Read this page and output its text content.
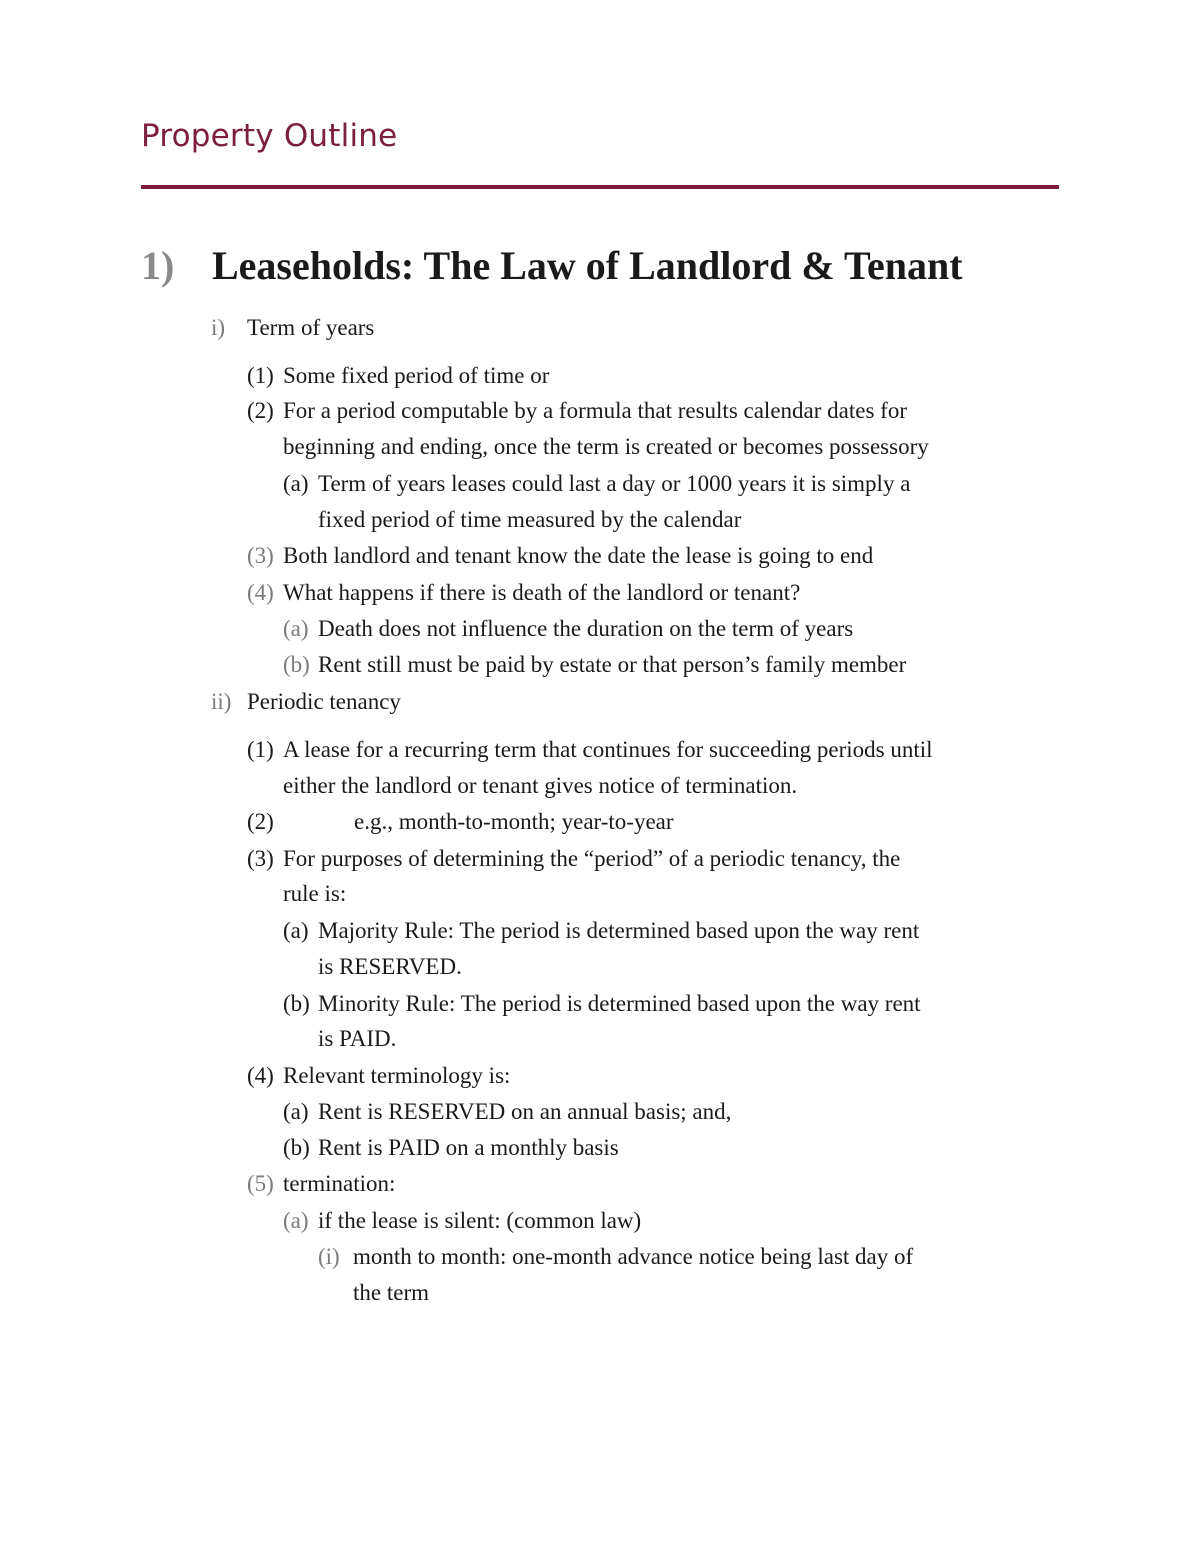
Property Outline
1) Leaseholds: The Law of Landlord & Tenant
i) Term of years
(1) Some fixed period of time or
(2) For a period computable by a formula that results calendar dates for
beginning and ending, once the term is created or becomes possessory
(a) Term of years leases could last a day or 1000 years it is simply a
fixed period of time measured by the calendar
(3) Both landlord and tenant know the date the lease is going to end
(4) What happens if there is death of the landlord or tenant?
(a) Death does not influence the duration on the term of years
(b) Rent still must be paid by estate or that person’s family member
ii) Periodic tenancy
(1) A lease for a recurring term that continues for succeeding periods until
either the landlord or tenant gives notice of termination.
(2)	e.g., month-to-month; year-to-year
(3) For purposes of determining the “period” of a periodic tenancy, the
rule is:
(a) Majority Rule: The period is determined based upon the way rent
is RESERVED.
(b) Minority Rule: The period is determined based upon the way rent
is PAID.
(4) Relevant terminology is:
(a) Rent is RESERVED on an annual basis; and,
(b) Rent is PAID on a monthly basis
(5) termination:
(a) if the lease is silent: (common law)
(i) month to month: one-month advance notice being last day of
the term
